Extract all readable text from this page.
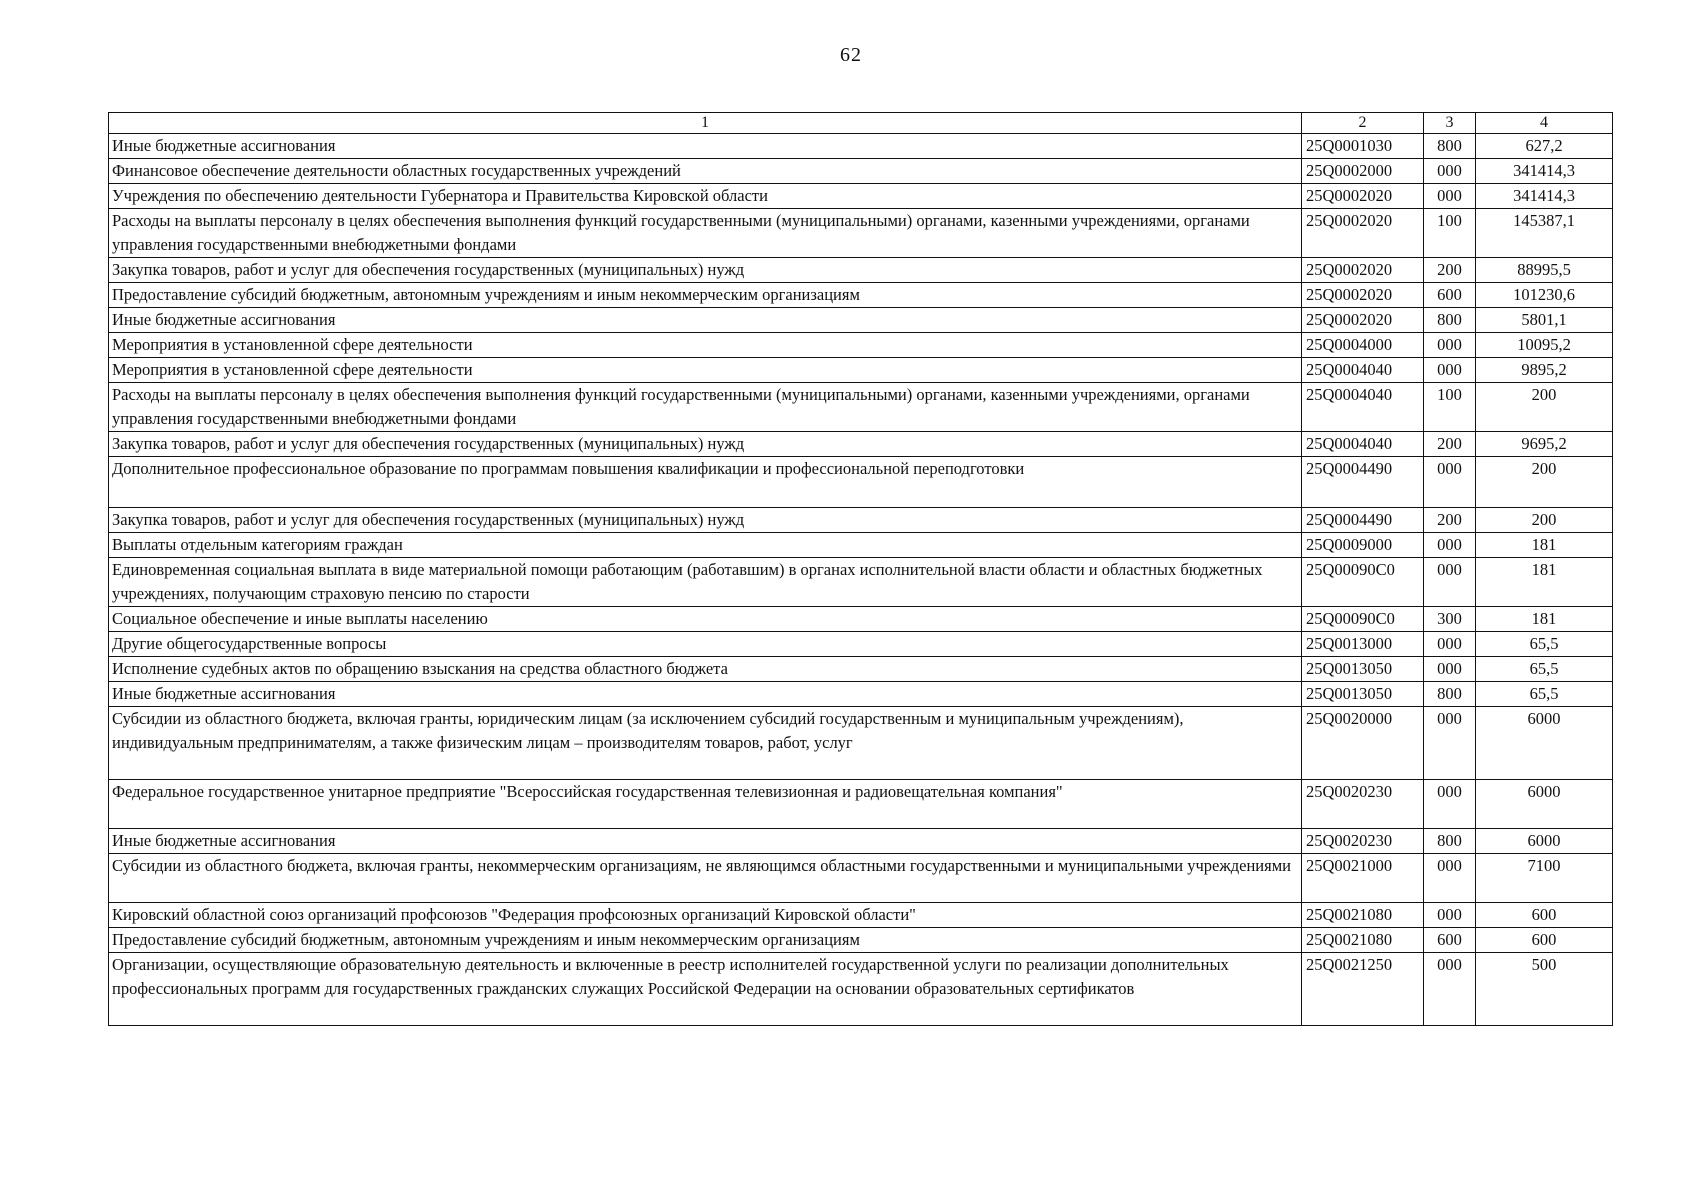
62
1	2	3	4
Иные бюджетные ассигнования	25Q0001030	800	627,2
Финансовое обеспечение деятельности областных государственных учреждений	25Q0002000	000	341414,3
Учреждения по обеспечению деятельности Губернатора и Правительства Кировской области	25Q0002020	000	341414,3
Расходы на выплаты персоналу в целях обеспечения выполнения функций государственными (муниципальными) органами, казенными учреждениями, органами управления государственными внебюджетными фондами	25Q0002020	100	145387,1
Закупка товаров, работ и услуг для обеспечения государственных (муниципальных) нужд	25Q0002020	200	88995,5
Предоставление субсидий бюджетным, автономным учреждениям и иным некоммерческим организациям	25Q0002020	600	101230,6
Иные бюджетные ассигнования	25Q0002020	800	5801,1
Мероприятия в установленной сфере деятельности	25Q0004000	000	10095,2
Мероприятия в установленной сфере деятельности	25Q0004040	000	9895,2
Расходы на выплаты персоналу в целях обеспечения выполнения функций государственными (муниципальными) органами, казенными учреждениями, органами управления государственными внебюджетными фондами	25Q0004040	100	200
Закупка товаров, работ и услуг для обеспечения государственных (муниципальных) нужд	25Q0004040	200	9695,2
Дополнительное профессиональное образование по программам повышения квалификации и профессиональной переподготовки	25Q0004490	000	200
Закупка товаров, работ и услуг для обеспечения государственных (муниципальных) нужд	25Q0004490	200	200
Выплаты отдельным категориям граждан	25Q0009000	000	181
Единовременная социальная выплата в виде материальной помощи работающим (работавшим) в органах исполнительной власти области и областных бюджетных учреждениях, получающим страховую пенсию по старости	25Q00090C0	000	181
Социальное обеспечение и иные выплаты населению	25Q00090C0	300	181
Другие общегосударственные вопросы	25Q0013000	000	65,5
Исполнение судебных актов по обращению взыскания на средства областного бюджета	25Q0013050	000	65,5
Иные бюджетные ассигнования	25Q0013050	800	65,5
Субсидии из областного бюджета, включая гранты, юридическим лицам (за исключением субсидий государственным и муниципальным учреждениям), индивидуальным предпринимателям, а также физическим лицам – производителям товаров, работ, услуг	25Q0020000	000	6000
Федеральное государственное унитарное предприятие "Всероссийская государственная телевизионная и радиовещательная компания"	25Q0020230	000	6000
Иные бюджетные ассигнования	25Q0020230	800	6000
Субсидии из областного бюджета, включая гранты, некоммерческим организациям, не являющимся областными государственными и муниципальными учреждениями	25Q0021000	000	7100
Кировский областной союз организаций профсоюзов "Федерация профсоюзных организаций Кировской области"	25Q0021080	000	600
Предоставление субсидий бюджетным, автономным учреждениям и иным некоммерческим организациям	25Q0021080	600	600
Организации, осуществляющие образовательную деятельность и включенные в реестр исполнителей государственной услуги по реализации дополнительных профессиональных программ для государственных гражданских служащих Российской Федерации на основании образовательных сертификатов	25Q0021250	000	500
